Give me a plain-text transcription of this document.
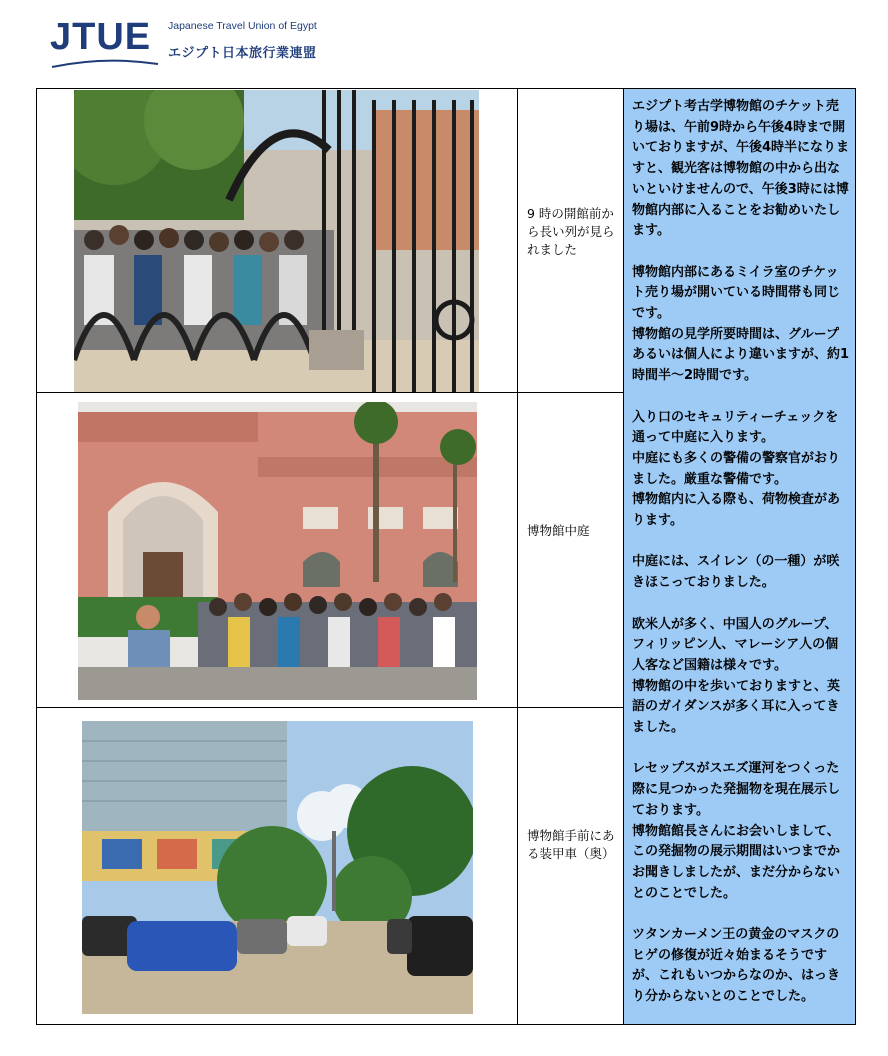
JTUE Japanese Travel Union of Egypt
エジプト日本旅行業連盟
9 時の開館前から長い列が見られました
博物館中庭
博物館手前にある装甲車（奥）

エジプト考古学博物館のチケット売り場は、午前9時から午後4時まで開いておりますが、午後4時半になりますと、観光客は博物館の中から出ないといけませんので、午後3時には博物館内部に入ることをお勧めいたします。

博物館内部にあるミイラ室のチケット売り場が開いている時間帯も同じです。

博物館の見学所要時間は、グループあるいは個人により違いますが、約1時間半～2時間です。

入り口のセキュリティーチェックを通って中庭に入ります。

中庭にも多くの警備の警察官がおりました。厳重な警備です。

博物館内に入る際も、荷物検査があります。

中庭には、スイレン（の一種）が咲きほこっておりました。

欧米人が多く、中国人のグループ、フィリッピン人、マレーシア人の個人客など国籍は様々です。

博物館の中を歩いておりますと、英語のガイダンスが多く耳に入ってきました。

レセップスがスエズ運河をつくった際に見つかった発掘物を現在展示しております。

博物館館長さんにお会いしまして、この発掘物の展示期間はいつまでかお聞きしましたが、まだ分からないとのことでした。

ツタンカーメン王の黄金のマスクのヒゲの修復が近々始まるそうですが、これもいつからなのか、はっきり分からないとのことでした。
